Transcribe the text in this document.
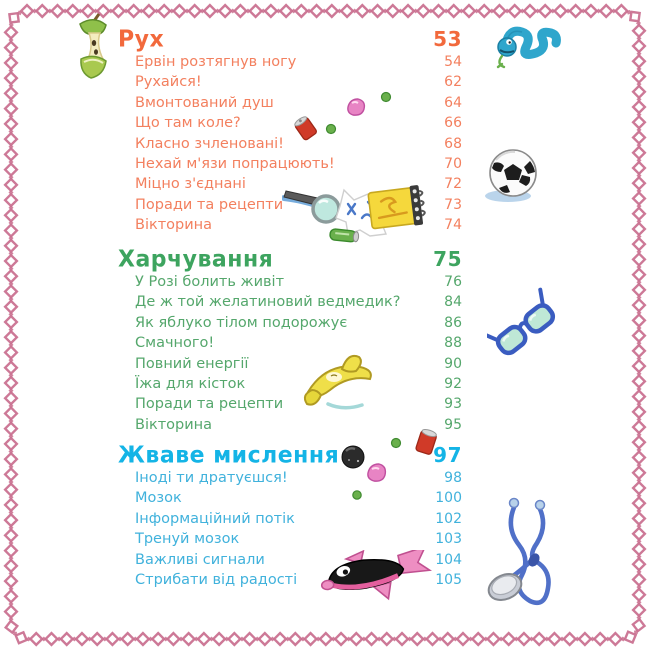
Рух	53
Ервін розтягнув ногу	54
Рухайся!	62
Вмонтований душ	64
Що там коле?	66
Класно зчленовані!	68
Нехай м'язи попрацюють!	70
Міцно з'єднані	72
Поради та рецепти	73
Вікторина	74
Харчування	75
У Розі болить живіт	76
Де ж той желатиновий ведмедик?	84
Як яблуко тілом подорожує	86
Смачного!	88
Повний енергії	90
Їжа для кісток	92
Поради та рецепти	93
Вікторина	95
Жваве мислення	97
Іноді ти дратуєшся!	98
Мозок	100
Інформаційний потік	102
Тренуй мозок	103
Важливі сигнали	104
Стрибати від радості	105
